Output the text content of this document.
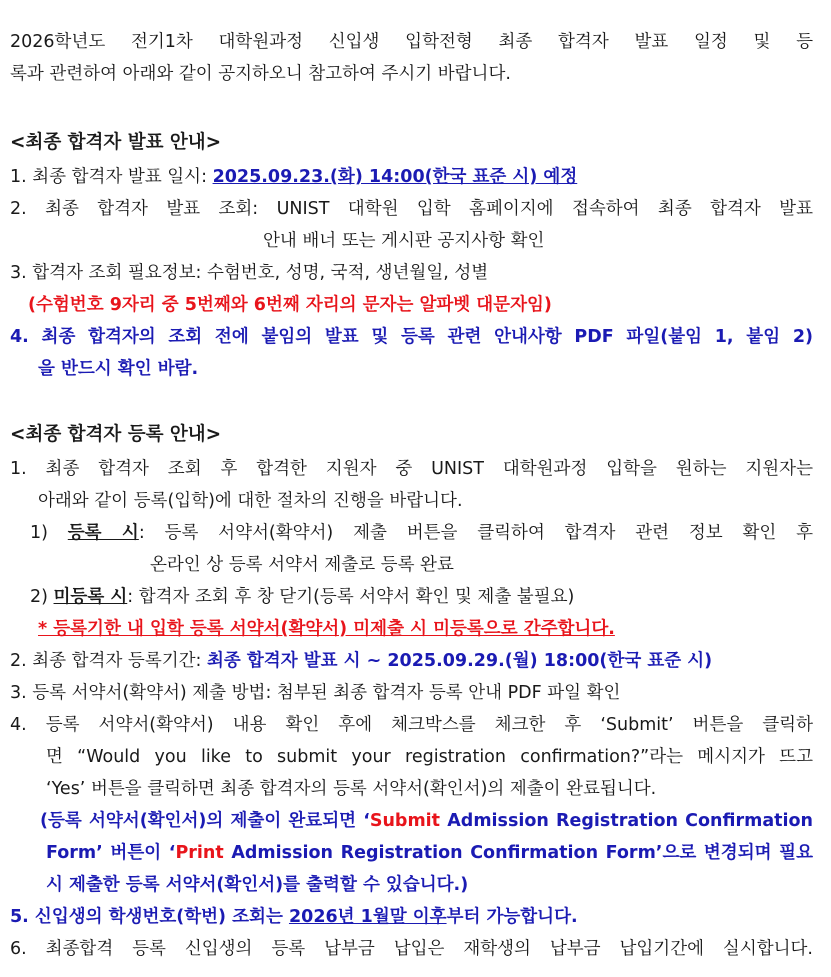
2026학년도 전기1차 대학원과정 신입생 입학전형 최종 합격자 발표 일정 및 등
록과 관련하여 아래와 같이 공지하오니 참고하여 주시기 바랍니다.
<최종 합격자 발표 안내>
1. 최종 합격자 발표 일시: 2025.09.23.(화) 14:00(한국 표준 시) 예정
2. 최종 합격자 발표 조회: UNIST 대학원 입학 홈페이지에 접속하여 최종 합격자 발표
안내 배너 또는 게시판 공지사항 확인
3. 합격자 조회 필요정보: 수험번호, 성명, 국적, 생년월일, 성별
(수험번호 9자리 중 5번째와 6번째 자리의 문자는 알파벳 대문자임)
4. 최종 합격자의 조회 전에 붙임의 발표 및 등록 관련 안내사항 PDF 파일(붙임 1, 붙임 2)
을 반드시 확인 바람.
<최종 합격자 등록 안내>
1. 최종 합격자 조회 후 합격한 지원자 중 UNIST 대학원과정 입학을 원하는 지원자는
아래와 같이 등록(입학)에 대한 절차의 진행을 바랍니다.
1) 등록 시: 등록 서약서(확약서) 제출 버튼을 클릭하여 합격자 관련 정보 확인 후
온라인 상 등록 서약서 제출로 등록 완료
2) 미등록 시: 합격자 조회 후 창 닫기(등록 서약서 확인 및 제출 불필요)
* 등록기한 내 입학 등록 서약서(확약서) 미제출 시 미등록으로 간주합니다.
2. 최종 합격자 등록기간: 최종 합격자 발표 시 ~ 2025.09.29.(월) 18:00(한국 표준 시)
3. 등록 서약서(확약서) 제출 방법: 첨부된 최종 합격자 등록 안내 PDF 파일 확인
4. 등록 서약서(확약서) 내용 확인 후에 체크박스를 체크한 후 ‘Submit’ 버튼을 클릭하
면 “Would you like to submit your registration confirmation?”라는 메시지가 뜨고
‘Yes’ 버튼을 클릭하면 최종 합격자의 등록 서약서(확인서)의 제출이 완료됩니다.
(등록 서약서(확인서)의 제출이 완료되면 ‘Submit Admission Registration Confirmation
Form’ 버튼이 ‘Print Admission Registration Confirmation Form’으로 변경되며 필요
시 제출한 등록 서약서(확인서)를 출력할 수 있습니다.)
5. 신입생의 학생번호(학번) 조회는 2026년 1월말 이후부터 가능합니다.
6. 최종합격 등록 신입생의 등록 납부금 납입은 재학생의 납부금 납입기간에 실시합니다.
